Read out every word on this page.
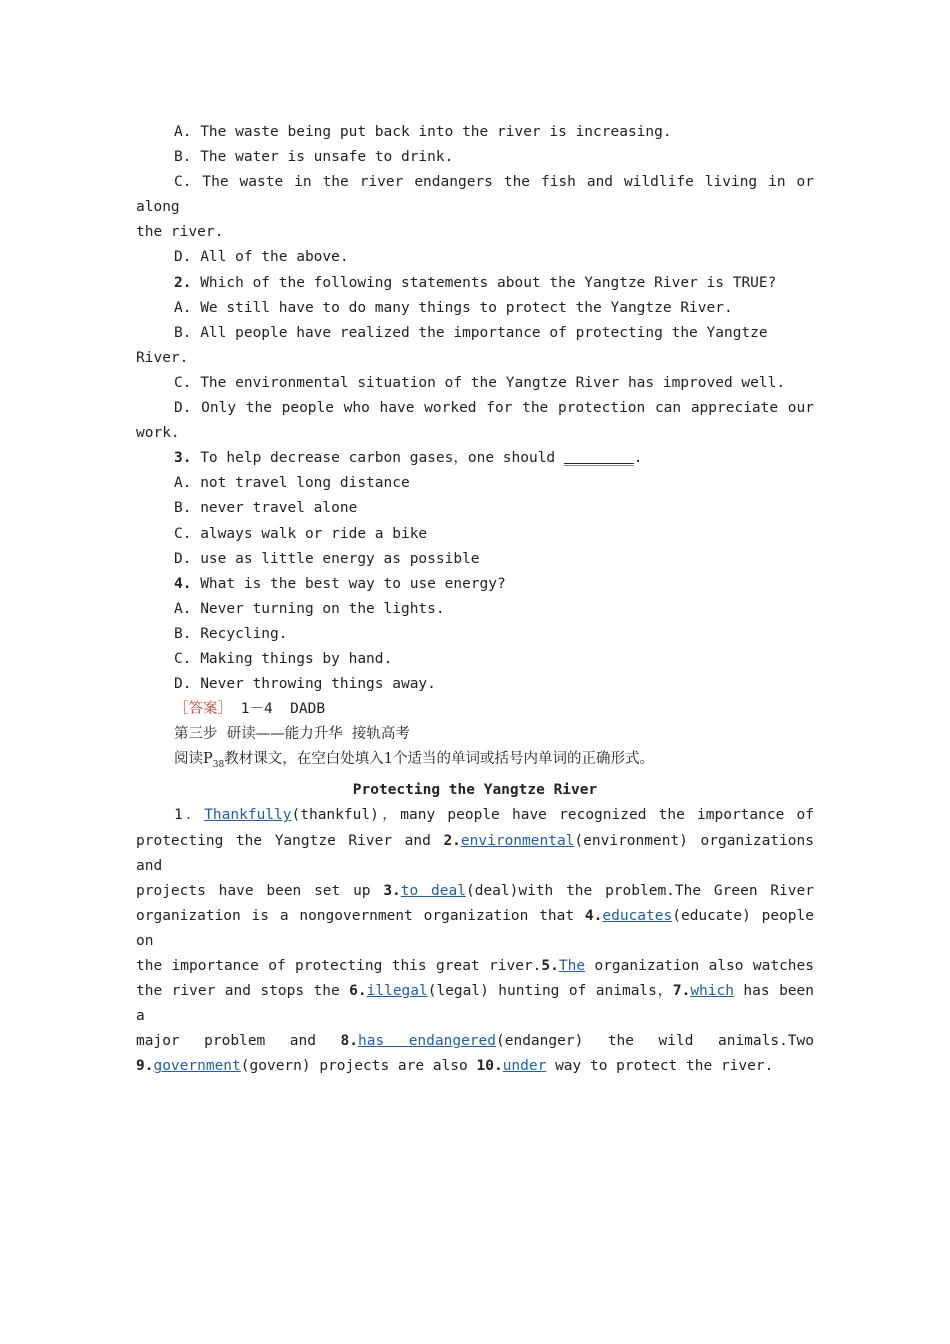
A. The waste being put back into the river is increasing.

B. The water is unsafe to drink.

C. The waste in the river endangers the fish and wildlife living in or along

the river.

D. All of the above.

2. Which of the following statements about the Yangtze River is TRUE?

A. We still have to do many things to protect the Yangtze River.

B. All people have realized the importance of protecting the Yangtze River.

C. The environmental situation of the Yangtze River has improved well.

D. Only the people who have worked for the protection can appreciate our

work.

3. To help decrease carbon gases，one should ________.

A. not travel long distance

B. never travel alone

C. always walk or ride a bike

D. use as little energy as possible

4. What is the best way to use energy?

A. Never turning on the lights.

B. Recycling.

C. Making things by hand.

D. Never throwing things away.

［答案］ 1－4  DADB

第三步  研读——能力升华  接轨高考

阅读$P_{38}$教材课文，在空白处填入1个适当的单词或括号内单词的正确形式。

Protecting the Yangtze River

1．Thankfully(thankful)，many people have recognized the importance of

protecting the Yangtze River and 2.environmental(environment) organizations and

projects have been set up 3.to deal(deal)with the problem.The Green River

organization is a nongovernment organization that 4.educates(educate) people on

the importance of protecting this great river.5.The organization also watches

the river and stops the 6.illegal(legal) hunting of animals，7.which has been a

major problem and 8.has endangered(endanger) the wild animals.Two

9.government(govern) projects are also 10.under way to protect the river.
